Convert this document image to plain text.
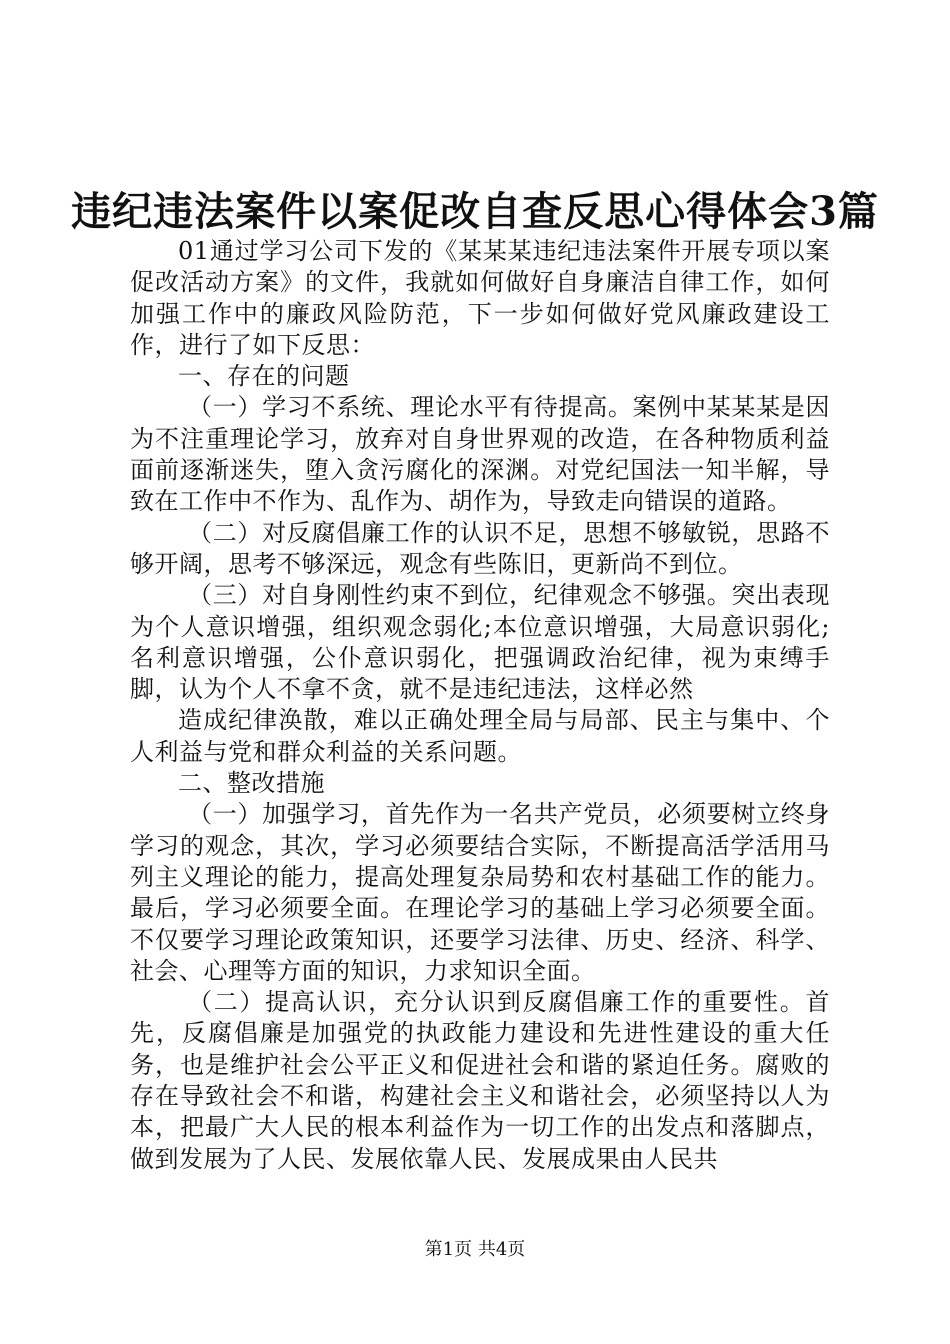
违纪违法案件以案促改自查反思心得体会3篇

01通过学习公司下发的《某某某违纪违法案件开展专项以案促改活动方案》的文件，我就如何做好自身廉洁自律工作，如何加强工作中的廉政风险防范，下一步如何做好党风廉政建设工作，进行了如下反思：

一、存在的问题

（一）学习不系统、理论水平有待提高。案例中某某某是因为不注重理论学习，放弃对自身世界观的改造，在各种物质利益面前逐渐迷失，堕入贪污腐化的深渊。对党纪国法一知半解，导致在工作中不作为、乱作为、胡作为，导致走向错误的道路。

（二）对反腐倡廉工作的认识不足，思想不够敏锐，思路不够开阔，思考不够深远，观念有些陈旧，更新尚不到位。

（三）对自身刚性约束不到位，纪律观念不够强。突出表现为个人意识增强，组织观念弱化;本位意识增强，大局意识弱化;名利意识增强，公仆意识弱化，把强调政治纪律，视为束缚手脚，认为个人不拿不贪，就不是违纪违法，这样必然

造成纪律涣散，难以正确处理全局与局部、民主与集中、个人利益与党和群众利益的关系问题。

二、整改措施

（一）加强学习，首先作为一名共产党员，必须要树立终身学习的观念，其次，学习必须要结合实际，不断提高活学活用马列主义理论的能力，提高处理复杂局势和农村基础工作的能力。最后，学习必须要全面。在理论学习的基础上学习必须要全面。不仅要学习理论政策知识，还要学习法律、历史、经济、科学、社会、心理等方面的知识，力求知识全面。

（二）提高认识，充分认识到反腐倡廉工作的重要性。首先，反腐倡廉是加强党的执政能力建设和先进性建设的重大任务，也是维护社会公平正义和促进社会和谐的紧迫任务。腐败的存在导致社会不和谐，构建社会主义和谐社会，必须坚持以人为本，把最广大人民的根本利益作为一切工作的出发点和落脚点，做到发展为了人民、发展依靠人民、发展成果由人民共

第1页 共4页
